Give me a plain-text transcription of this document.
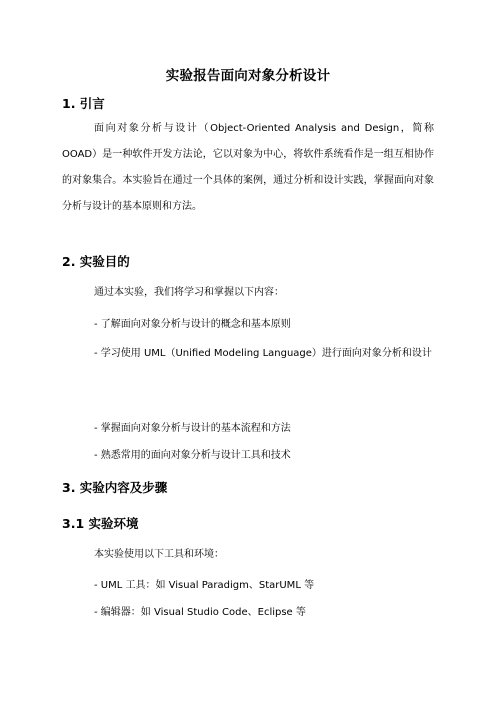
实验报告面向对象分析设计
1. 引言
面向对象分析与设计（Object-Oriented Analysis and Design，简称 OOAD）是一种软件开发方法论，它以对象为中心，将软件系统看作是一组互相协作的对象集合。本实验旨在通过一个具体的案例，通过分析和设计实践，掌握面向对象分析与设计的基本原则和方法。
2. 实验目的
通过本实验，我们将学习和掌握以下内容：
- 了解面向对象分析与设计的概念和基本原则
- 学习使用 UML（Unified Modeling Language）进行面向对象分析和设计
- 掌握面向对象分析与设计的基本流程和方法
- 熟悉常用的面向对象分析与设计工具和技术
3. 实验内容及步骤
3.1 实验环境
本实验使用以下工具和环境：
- UML 工具：如 Visual Paradigm、StarUML 等
- 编辑器：如 Visual Studio Code、Eclipse 等
